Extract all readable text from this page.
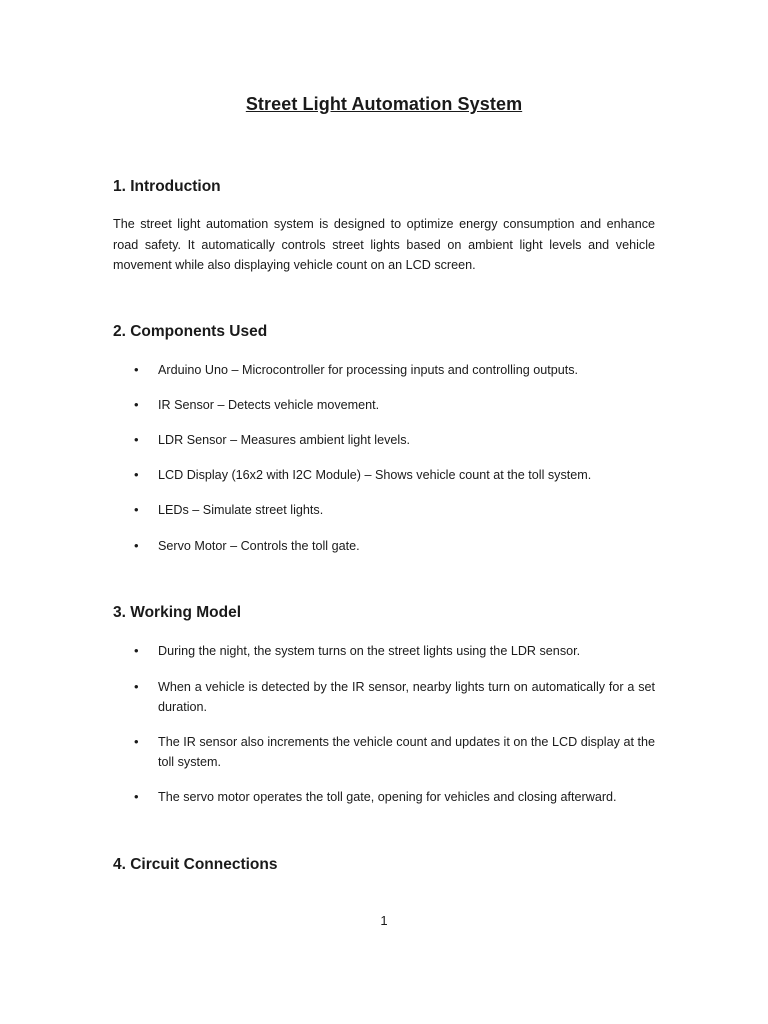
Street Light Automation System
1. Introduction

The street light automation system is designed to optimize energy consumption and enhance road safety. It automatically controls street lights based on ambient light levels and vehicle movement while also displaying vehicle count on an LCD screen.

2. Components Used
• Arduino Uno – Microcontroller for processing inputs and controlling outputs.
• IR Sensor – Detects vehicle movement.
• LDR Sensor – Measures ambient light levels.
• LCD Display (16x2 with I2C Module) – Shows vehicle count at the toll system.
• LEDs – Simulate street lights.
• Servo Motor – Controls the toll gate.
3. Working Model
• During the night, the system turns on the street lights using the LDR sensor.
• When a vehicle is detected by the IR sensor, nearby lights turn on automatically for a set duration.
• The IR sensor also increments the vehicle count and updates it on the LCD display at the toll system.
• The servo motor operates the toll gate, opening for vehicles and closing afterward.
4. Circuit Connections

1
